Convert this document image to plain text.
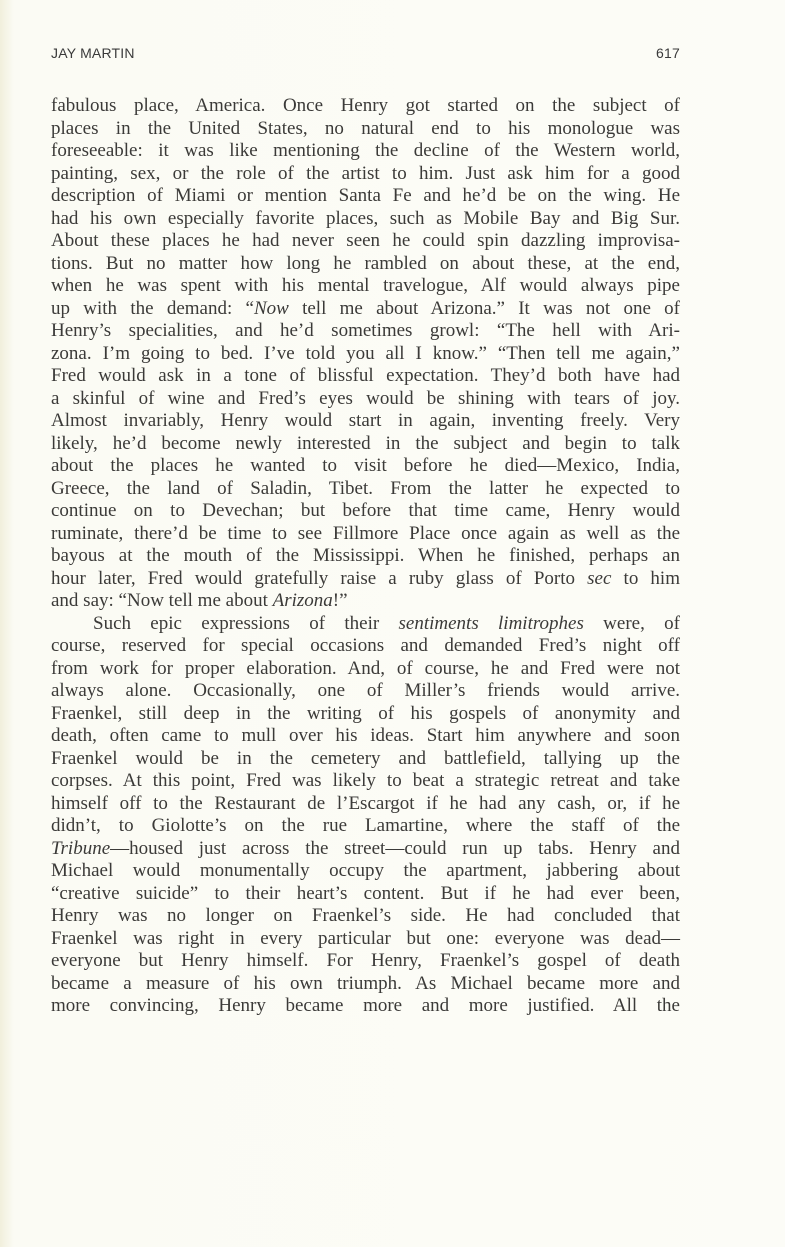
JAY MARTIN	617
fabulous place, America. Once Henry got started on the subject of
places in the United States, no natural end to his monologue was
foreseeable: it was like mentioning the decline of the Western world,
painting, sex, or the role of the artist to him. Just ask him for a good
description of Miami or mention Santa Fe and he’d be on the wing. He
had his own especially favorite places, such as Mobile Bay and Big Sur.
About these places he had never seen he could spin dazzling improvisa-
tions. But no matter how long he rambled on about these, at the end,
when he was spent with his mental travelogue, Alf would always pipe
up with the demand: “Now tell me about Arizona.” It was not one of
Henry’s specialities, and he’d sometimes growl: “The hell with Ari-
zona. I’m going to bed. I’ve told you all I know.” “Then tell me again,”
Fred would ask in a tone of blissful expectation. They’d both have had
a skinful of wine and Fred’s eyes would be shining with tears of joy.
Almost invariably, Henry would start in again, inventing freely. Very
likely, he’d become newly interested in the subject and begin to talk
about the places he wanted to visit before he died—Mexico, India,
Greece, the land of Saladin, Tibet. From the latter he expected to
continue on to Devechan; but before that time came, Henry would
ruminate, there’d be time to see Fillmore Place once again as well as the
bayous at the mouth of the Mississippi. When he finished, perhaps an
hour later, Fred would gratefully raise a ruby glass of Porto sec to him
and say: “Now tell me about Arizona!”
Such epic expressions of their sentiments limitrophes were, of
course, reserved for special occasions and demanded Fred’s night off
from work for proper elaboration. And, of course, he and Fred were not
always alone. Occasionally, one of Miller’s friends would arrive.
Fraenkel, still deep in the writing of his gospels of anonymity and
death, often came to mull over his ideas. Start him anywhere and soon
Fraenkel would be in the cemetery and battlefield, tallying up the
corpses. At this point, Fred was likely to beat a strategic retreat and take
himself off to the Restaurant de l’Escargot if he had any cash, or, if he
didn’t, to Giolotte’s on the rue Lamartine, where the staff of the
Tribune—housed just across the street—could run up tabs. Henry and
Michael would monumentally occupy the apartment, jabbering about
“creative suicide” to their heart’s content. But if he had ever been,
Henry was no longer on Fraenkel’s side. He had concluded that
Fraenkel was right in every particular but one: everyone was dead—
everyone but Henry himself. For Henry, Fraenkel’s gospel of death
became a measure of his own triumph. As Michael became more and
more convincing, Henry became more and more justified. All the
